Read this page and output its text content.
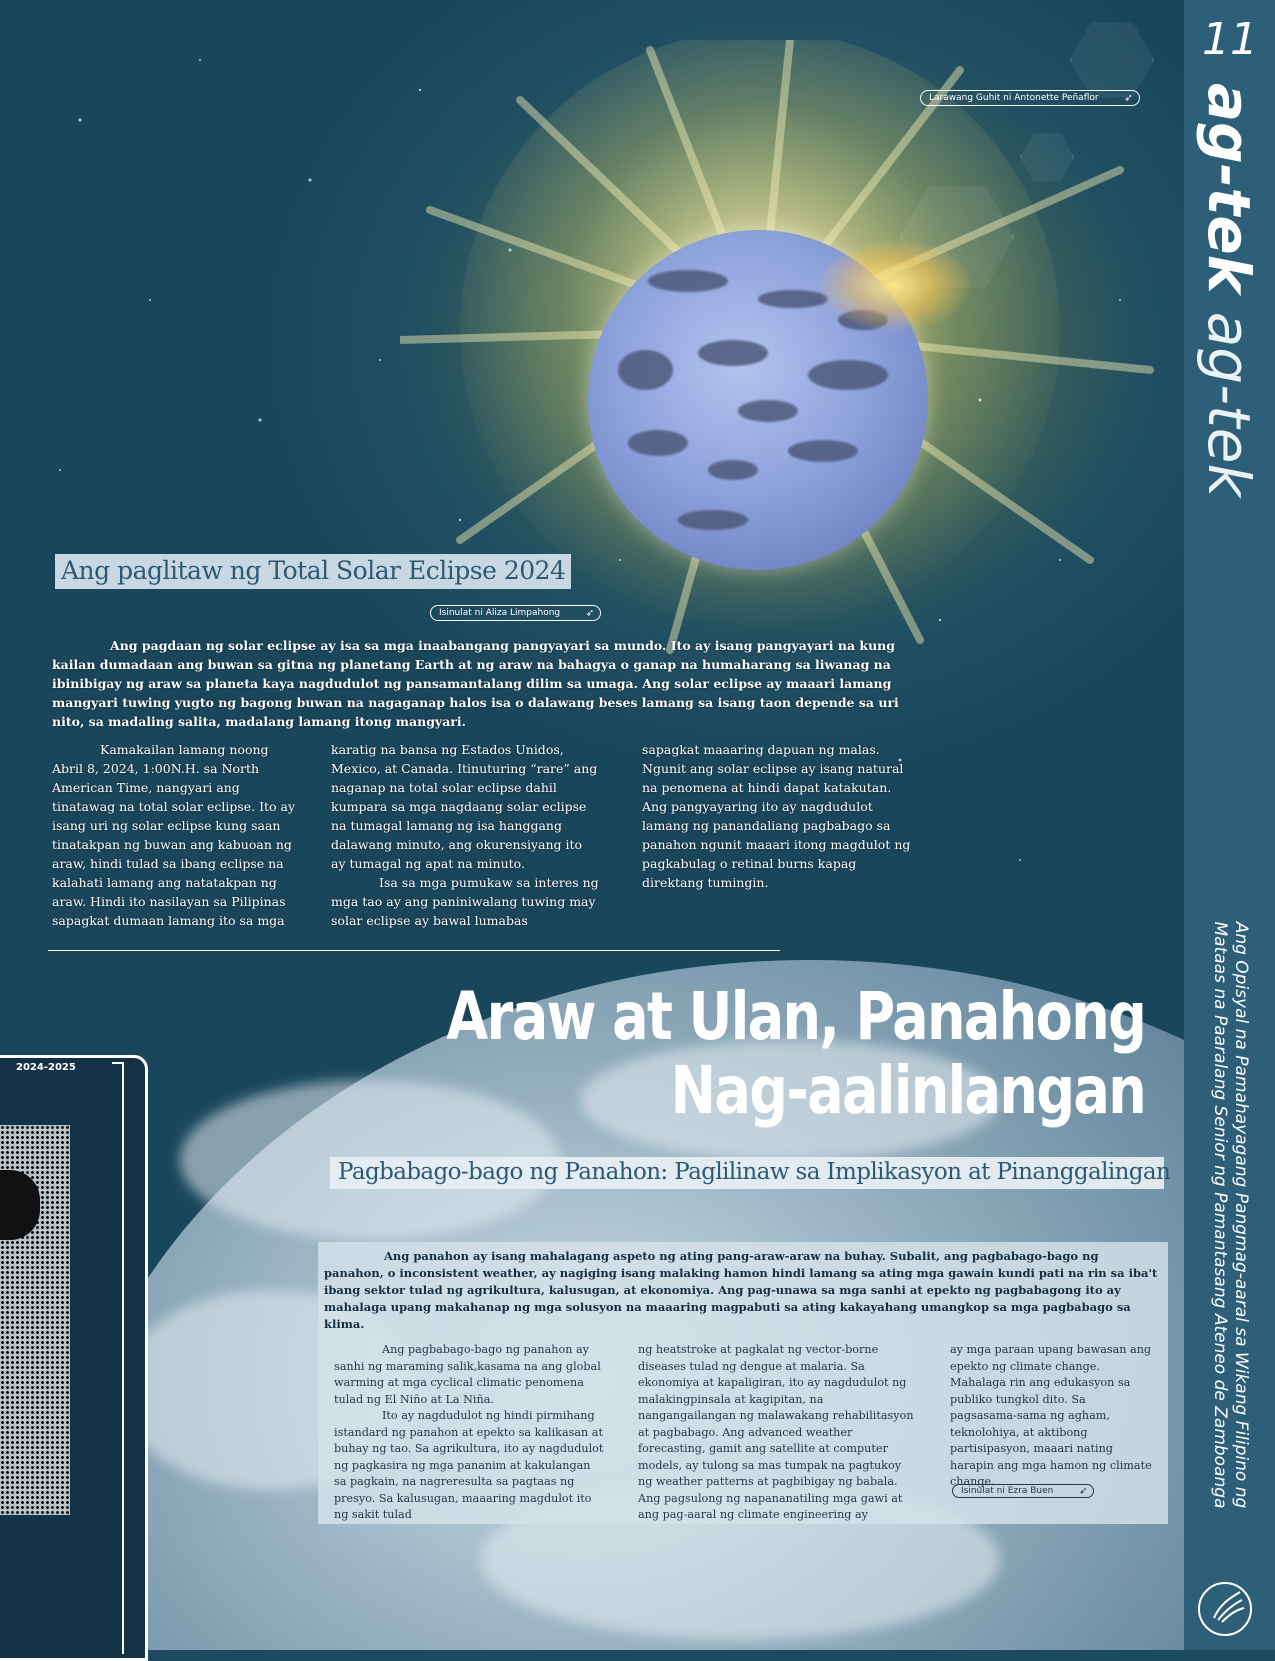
11
ag-tek ag-tek
Ang Opisyal na Pamahayagang Pangmag-aaral sa Wikang Filipino ng Mataas na Paaralang Senior ng Pamantasang Ateneo de Zamboanga
Larawang Guhit ni Antonette Peñaflor	➶
Ang paglitaw ng Total Solar Eclipse 2024
Isinulat ni Aliza Limpahong	➶
Ang pagdaan ng solar eclipse ay isa sa mga inaabangang pangyayari sa mundo. Ito ay isang pangyayari na kung kailan dumadaan ang buwan sa gitna ng planetang Earth at ng araw na bahagya o ganap na humaharang sa liwanag na ibinibigay ng araw sa planeta kaya nagdudulot ng pansamantalang dilim sa umaga. Ang solar eclipse ay maaari lamang mangyari tuwing yugto ng bagong buwan na nagaganap halos isa o dalawang beses lamang sa isang taon depende sa uri nito, sa madaling salita, madalang lamang itong mangyari.

Kamakailan lamang noong Abril 8, 2024, 1:00N.H. sa North American Time, nangyari ang tinatawag na total solar eclipse. Ito ay isang uri ng solar eclipse kung saan tinatakpan ng buwan ang kabuoan ng araw, hindi tulad sa ibang eclipse na kalahati lamang ang natatakpan ng araw. Hindi ito nasilayan sa Pilipinas sapagkat dumaan lamang ito sa mga

karatig na bansa ng Estados Unidos, Mexico, at Canada. Itinuturing “rare” ang naganap na total solar eclipse dahil kumpara sa mga nagdaang solar eclipse na tumagal lamang ng isa hanggang dalawang minuto, ang okurensiyang ito ay tumagal ng apat na minuto.

Isa sa mga pumukaw sa interes ng mga tao ay ang paniniwalang tuwing may solar eclipse ay bawal lumabas

sapagkat maaaring dapuan ng malas. Ngunit ang solar eclipse ay isang natural na penomena at hindi dapat katakutan. Ang pangyayaring ito ay nagdudulot lamang ng panandaliang pagbabago sa panahon ngunit maaari itong magdulot ng pagkabulag o retinal burns kapag direktang tumingin.

2024-2025
Araw at Ulan, Panahong
Nag-aalinlangan
Pagbabago-bago ng Panahon: Paglilinaw sa Implikasyon at Pinanggalingan
Ang panahon ay isang mahalagang aspeto ng ating pang-araw-araw na buhay. Subalit, ang pagbabago-bago ng panahon, o inconsistent weather, ay nagiging isang malaking hamon hindi lamang sa ating mga gawain kundi pati na rin sa iba't ibang sektor tulad ng agrikultura, kalusugan, at ekonomiya. Ang pag-unawa sa mga sanhi at epekto ng pagbabagong ito ay mahalaga upang makahanap ng mga solusyon na maaaring magpabuti sa ating kakayahang umangkop sa mga pagbabago sa klima.

Ang pagbabago-bago ng panahon ay sanhi ng maraming salik,kasama na ang global warming at mga cyclical climatic penomena tulad ng El Niño at La Niña.

Ito ay nagdudulot ng hindi pirmihang istandard ng panahon at epekto sa kalikasan at buhay ng tao. Sa agrikultura, ito ay nagdudulot ng pagkasira ng mga pananim at kakulangan sa pagkain, na nagreresulta sa pagtaas ng presyo. Sa kalusugan, maaaring magdulot ito ng sakit tulad

ng heatstroke at pagkalat ng vector-borne diseases tulad ng dengue at malaria. Sa ekonomiya at kapaligiran, ito ay nagdudulot ng malakingpinsala at kagipitan, na nangangailangan ng malawakang rehabilitasyon at pagbabago. Ang advanced weather forecasting, gamit ang satellite at computer models, ay tulong sa mas tumpak na pagtukoy ng weather patterns at pagbibigay ng babala. Ang pagsulong ng napananatiling mga gawi at ang pag-aaral ng climate engineering ay

ay mga paraan upang bawasan ang epekto ng climate change. Mahalaga rin ang edukasyon sa publiko tungkol dito. Sa pagsasama-sama ng agham, teknolohiya, at aktibong partisipasyon, maaari nating harapin ang mga hamon ng climate change.

Isinulat ni Ezra Buen	➶
